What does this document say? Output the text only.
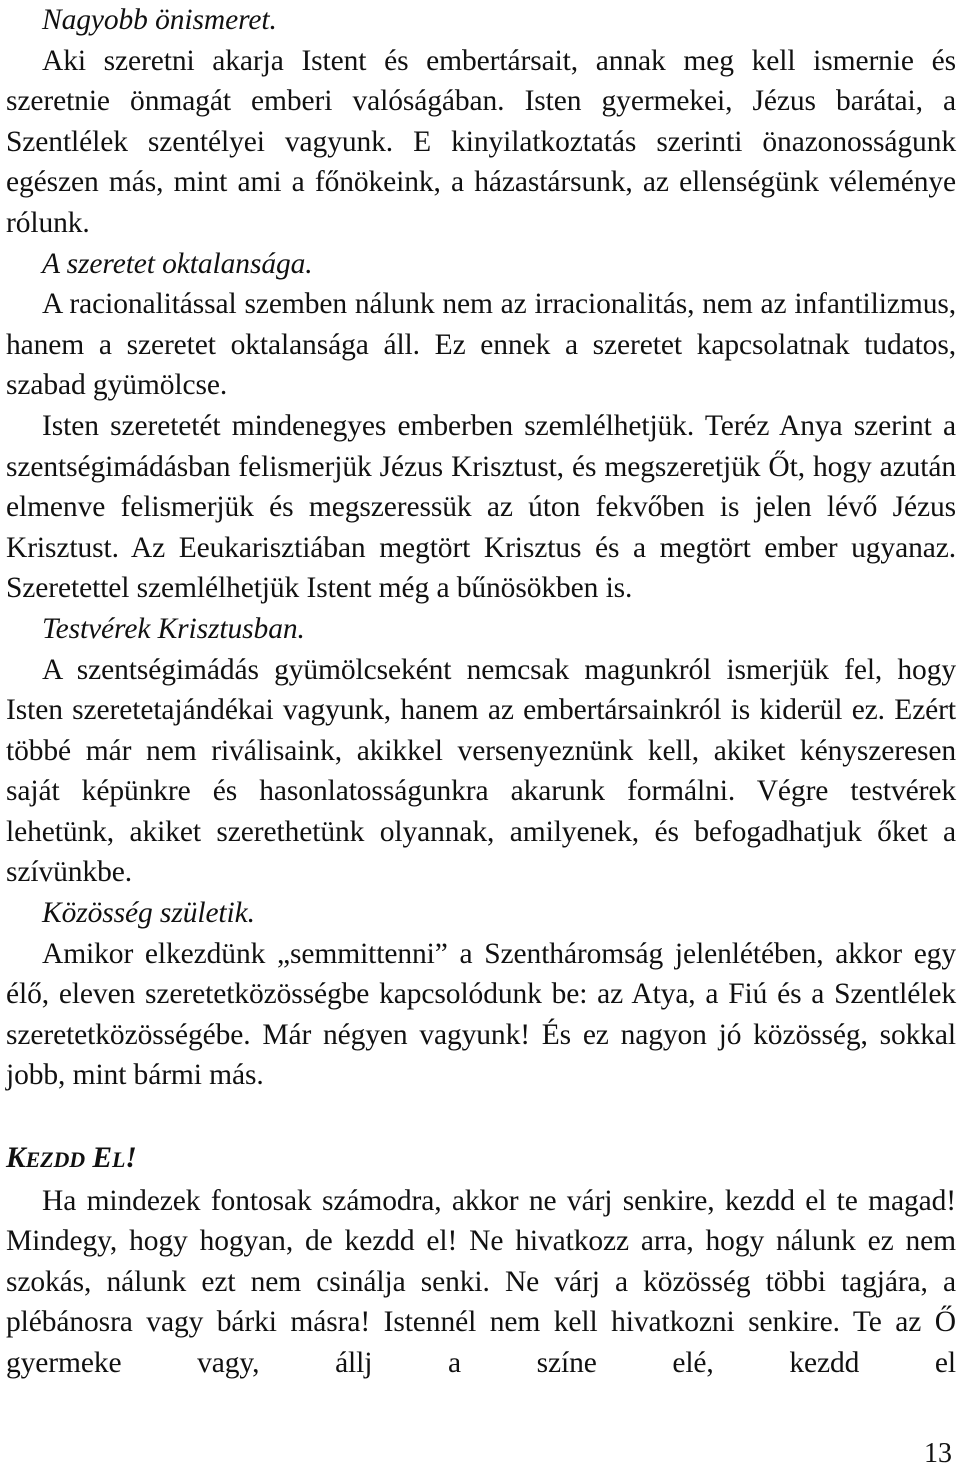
Nagyobb önismeret.

Aki szeretni akarja Istent és embertársait, annak meg kell ismernie és szeretnie önmagát emberi valóságában. Isten gyermekei, Jézus barátai, a Szentlélek szentélyei vagyunk. E kinyilatkoztatás szerinti önazonosságunk egészen más, mint ami a főnökeink, a házastársunk, az ellenségünk véleménye rólunk.

A szeretet oktalansága.

A racionalitással szemben nálunk nem az irracionalitás, nem az infantilizmus, hanem a szeretet oktalansága áll. Ez ennek a szeretet kapcsolatnak tudatos, szabad gyümölcse.

Isten szeretetét mindenegyes emberben szemlélhetjük. Teréz Anya szerint a szentségimádásban felismerjük Jézus Krisztust, és megszeretjük Őt, hogy azután elmenve felismerjük és megszeressük az úton fekvőben is jelen lévő Jézus Krisztust. Az Eeukarisztiában megtört Krisztus és a megtört ember ugyanaz. Szeretettel szemlélhetjük Istent még a bűnösökben is.

Testvérek Krisztusban.

A szentségimádás gyümölcseként nemcsak magunkról ismerjük fel, hogy Isten szeretetajándékai vagyunk, hanem az embertársainkról is kiderül ez. Ezért többé már nem riválisaink, akikkel versenyeznünk kell, akiket kényszeresen saját képünkre és hasonlatosságunkra akarunk formálni. Végre testvérek lehetünk, akiket szerethetünk olyannak, amilyenek, és befogadhatjuk őket a szívünkbe.

Közösség születik.

Amikor elkezdünk „semmittenni” a Szentháromság jelenlétében, akkor egy élő, eleven szeretetközösségbe kapcsolódunk be: az Atya, a Fiú és a Szentlélek szeretetközösségébe. Már négyen vagyunk! És ez nagyon jó közösség, sokkal jobb, mint bármi más.

KEZDD EL!

Ha mindezek fontosak számodra, akkor ne várj senkire, kezdd el te magad! Mindegy, hogy hogyan, de kezdd el! Ne hivatkozz arra, hogy nálunk ez nem szokás, nálunk ezt nem csinálja senki. Ne várj a közösség többi tagjára, a plébánosra vagy bárki másra! Istennél nem kell hivatkozni senkire. Te az Ő gyermeke vagy, állj a színe elé, kezdd el

13
